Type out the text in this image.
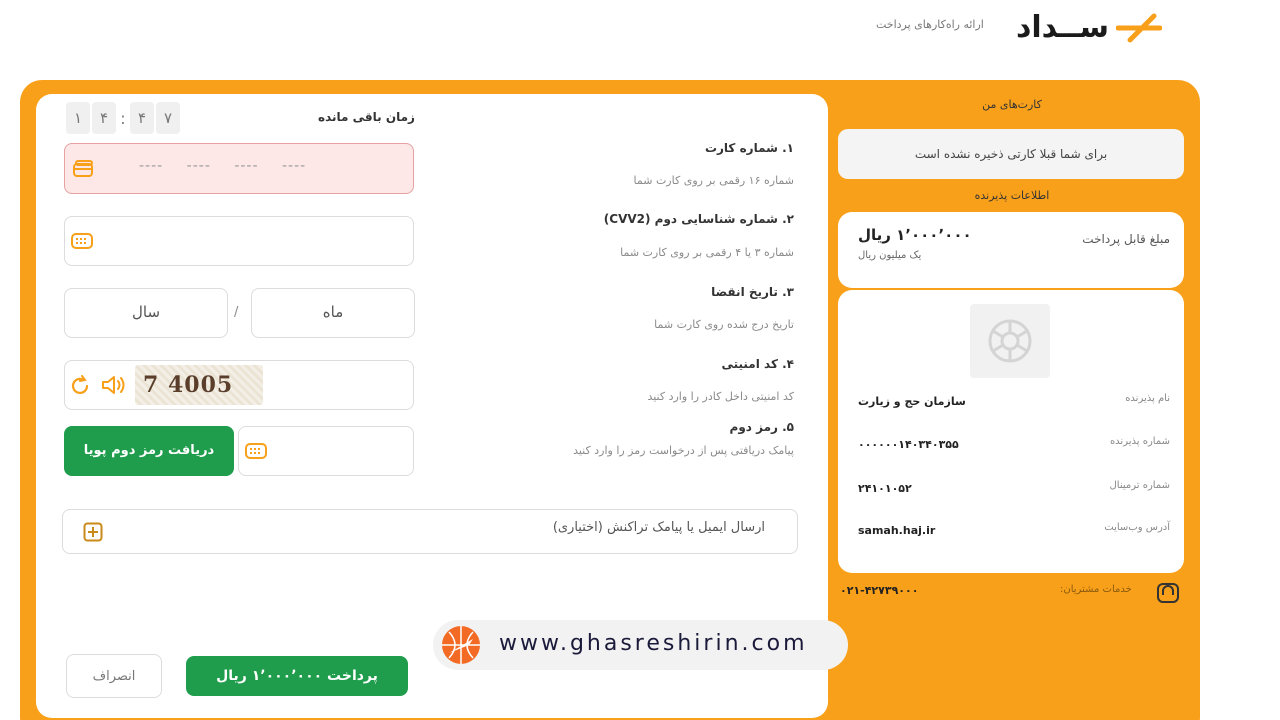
ارائه راه‌کارهای پرداخت ســداد
زمان باقی مانده
۱	۴ : ۴	۷
۱. شماره کارت
شماره ۱۶ رقمی بر روی کارت شما
۲. شماره شناسایی دوم (CVV2)
شماره ۳ یا ۴ رقمی بر روی کارت شما
۳. تاریخ انقضا
تاریخ درج شده روی کارت شما
۴. کد امنیتی
کد امنیتی داخل کادر را وارد کنید
۵. رمز دوم
پیامک دریافتی پس از درخواست رمز را وارد کنید
---- ---- ---- ----
سال	/	ماه
7 4005
دریافت رمز دوم پویا
ارسال ایمیل یا پیامک تراکنش (اختیاری)
انصراف	پرداخت ۱٬۰۰۰٬۰۰۰ ریال
کارت‌های من
برای شما قبلا کارتی ذخیره نشده است
اطلاعات پذیرنده
مبلغ قابل پرداخت
۱٬۰۰۰٬۰۰۰ ریال
یک میلیون ریال
نام پذیرنده
سازمان حج و زیارت
شماره پذیرنده
۰۰۰۰۰۰۱۴۰۳۴۰۳۵۵
شماره ترمینال
۲۴۱۰۱۰۵۲
آدرس وب‌سایت
samah.haj.ir
خدمات مشتریان:
۰۲۱-۴۲۷۳۹۰۰۰
www.ghasreshirin.com
